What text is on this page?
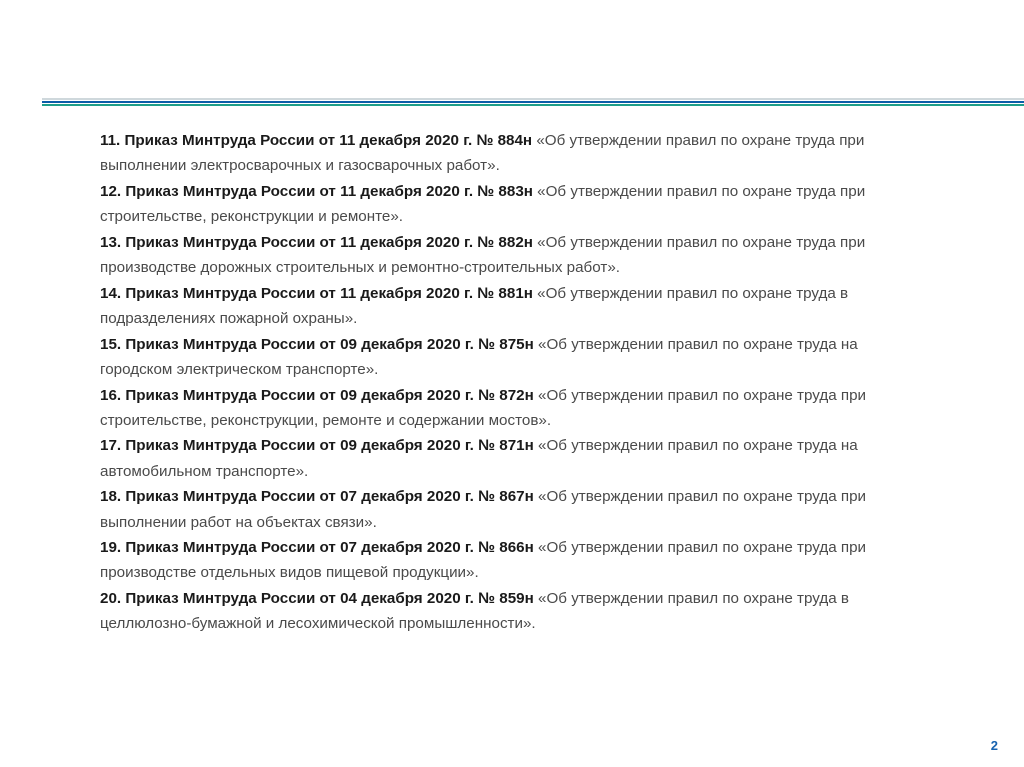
11. Приказ Минтруда России от 11 декабря 2020 г. № 884н «Об утверждении правил по охране труда при выполнении электросварочных и газосварочных работ».

12. Приказ Минтруда России от 11 декабря 2020 г. № 883н «Об утверждении правил по охране труда при строительстве, реконструкции и ремонте».

13. Приказ Минтруда России от 11 декабря 2020 г. № 882н «Об утверждении правил по охране труда при производстве дорожных строительных и ремонтно-строительных работ».

14. Приказ Минтруда России от 11 декабря 2020 г. № 881н «Об утверждении правил по охране труда в подразделениях пожарной охраны».

15. Приказ Минтруда России от 09 декабря 2020 г. № 875н «Об утверждении правил по охране труда на городском электрическом транспорте».

16. Приказ Минтруда России от 09 декабря 2020 г. № 872н «Об утверждении правил по охране труда при строительстве, реконструкции, ремонте и содержании мостов».

17. Приказ Минтруда России от 09 декабря 2020 г. № 871н «Об утверждении правил по охране труда на автомобильном транспорте».

18. Приказ Минтруда России от 07 декабря 2020 г. № 867н «Об утверждении правил по охране труда при выполнении работ на объектах связи».

19. Приказ Минтруда России от 07 декабря 2020 г. № 866н «Об утверждении правил по охране труда при производстве отдельных видов пищевой продукции».

20. Приказ Минтруда России от 04 декабря 2020 г. № 859н «Об утверждении правил по охране труда в целлюлозно-бумажной и лесохимической промышленности».

2
